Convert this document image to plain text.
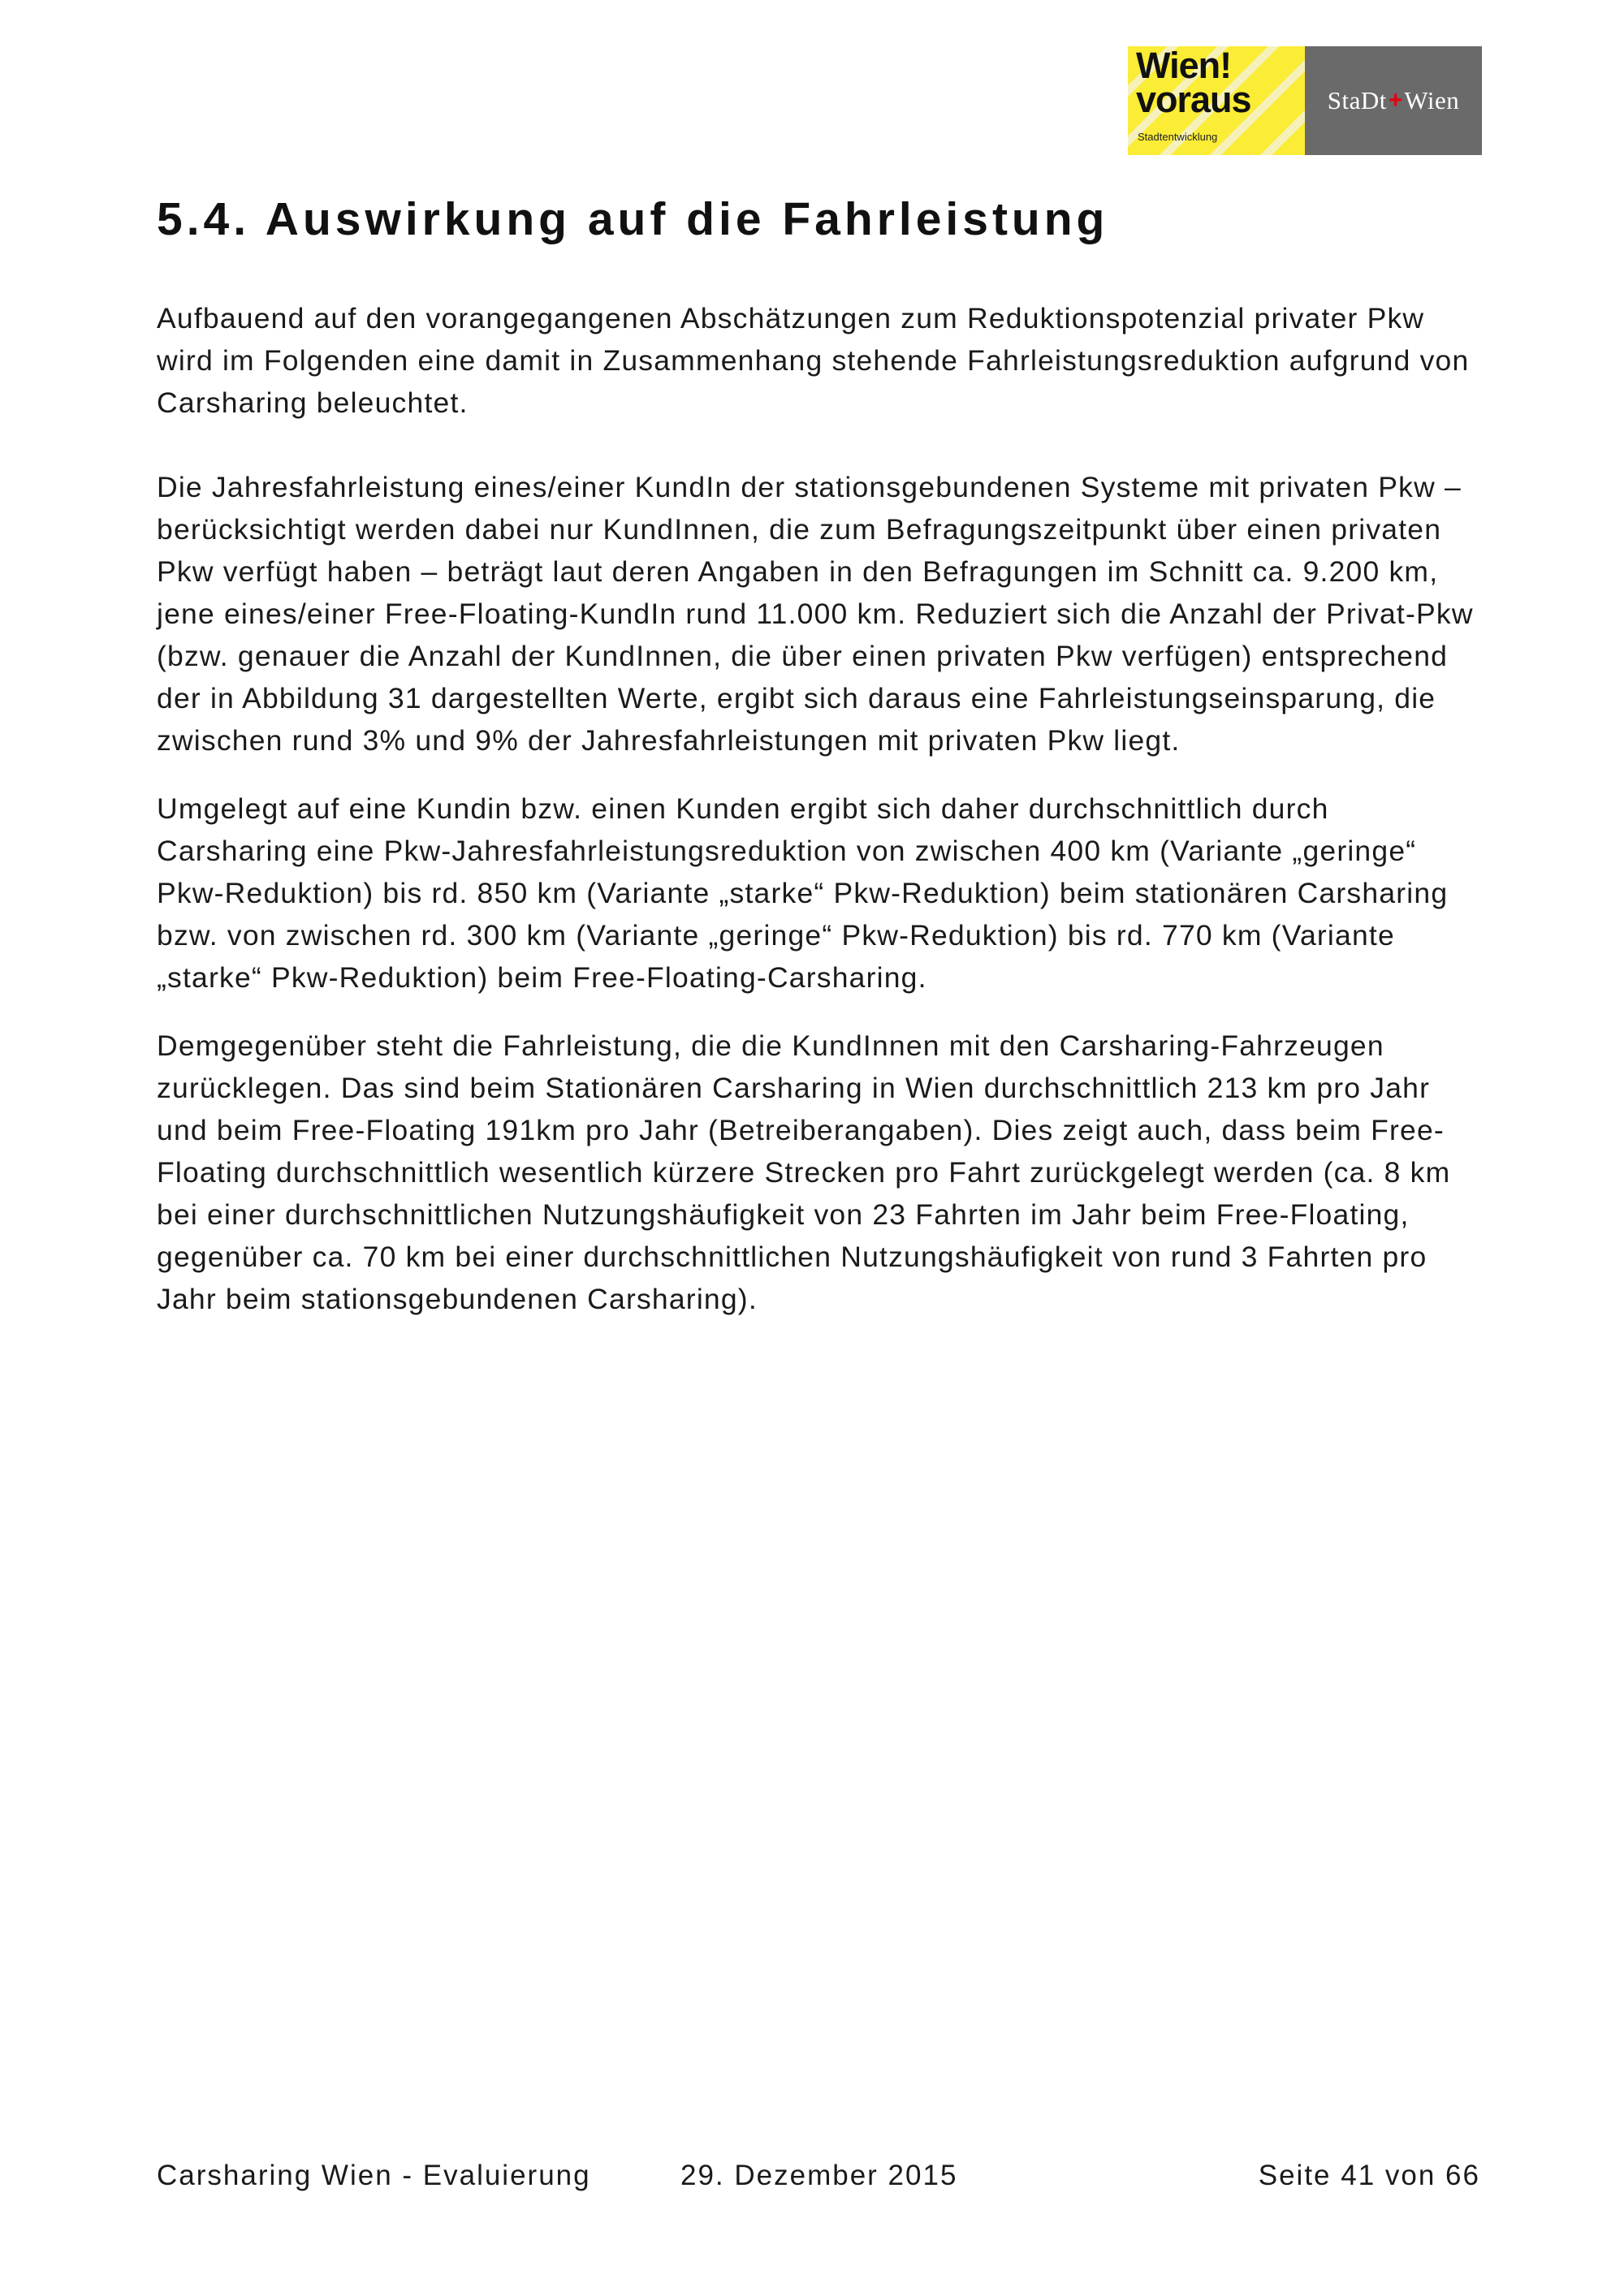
Wien!
voraus
Stadtentwicklung
StaDt + Wien
5.4. Auswirkung auf die Fahrleistung

Aufbauend auf den vorangegangenen Abschätzungen zum Reduktionspotenzial privater Pkw wird im Folgenden eine damit in Zusammenhang stehende Fahrleistungsreduktion aufgrund von Carsharing beleuchtet.

Die Jahresfahrleistung eines/einer KundIn der stationsgebundenen Systeme mit privaten Pkw – berücksichtigt werden dabei nur KundInnen, die zum Befragungszeitpunkt über einen privaten Pkw verfügt haben – beträgt laut deren Angaben in den Befragungen im Schnitt ca. 9.200 km, jene eines/einer Free-Floating-KundIn rund 11.000 km. Reduziert sich die Anzahl der Privat-Pkw (bzw. genauer die Anzahl der KundInnen, die über einen privaten Pkw verfügen) entsprechend der in Abbildung 31 dargestellten Werte, ergibt sich daraus eine Fahrleistungseinsparung, die zwischen rund 3% und 9% der Jahresfahrleistungen mit privaten Pkw liegt.

Umgelegt auf eine Kundin bzw. einen Kunden ergibt sich daher durchschnittlich durch Carsharing eine Pkw-Jahresfahrleistungsreduktion von zwischen 400 km (Variante „geringe“ Pkw-Reduktion) bis rd. 850 km (Variante „starke“ Pkw-Reduktion) beim stationären Carsharing bzw. von zwischen rd. 300 km (Variante „geringe“ Pkw-Reduktion) bis rd. 770 km (Variante „starke“ Pkw-Reduktion) beim Free-Floating-Carsharing.

Demgegenüber steht die Fahrleistung, die die KundInnen mit den Carsharing-Fahrzeugen zurücklegen. Das sind beim Stationären Carsharing in Wien durchschnittlich 213 km pro Jahr und beim Free-Floating 191km pro Jahr (Betreiberangaben). Dies zeigt auch, dass beim Free-Floating durchschnittlich wesentlich kürzere Strecken pro Fahrt zurückgelegt werden (ca. 8 km bei einer durchschnittlichen Nutzungshäufigkeit von 23 Fahrten im Jahr beim Free-Floating, gegenüber ca. 70 km bei einer durchschnittlichen Nutzungshäufigkeit von rund 3 Fahrten pro Jahr beim stationsgebundenen Carsharing).

Carsharing Wien - Evaluierung	29. Dezember 2015	Seite 41 von 66
